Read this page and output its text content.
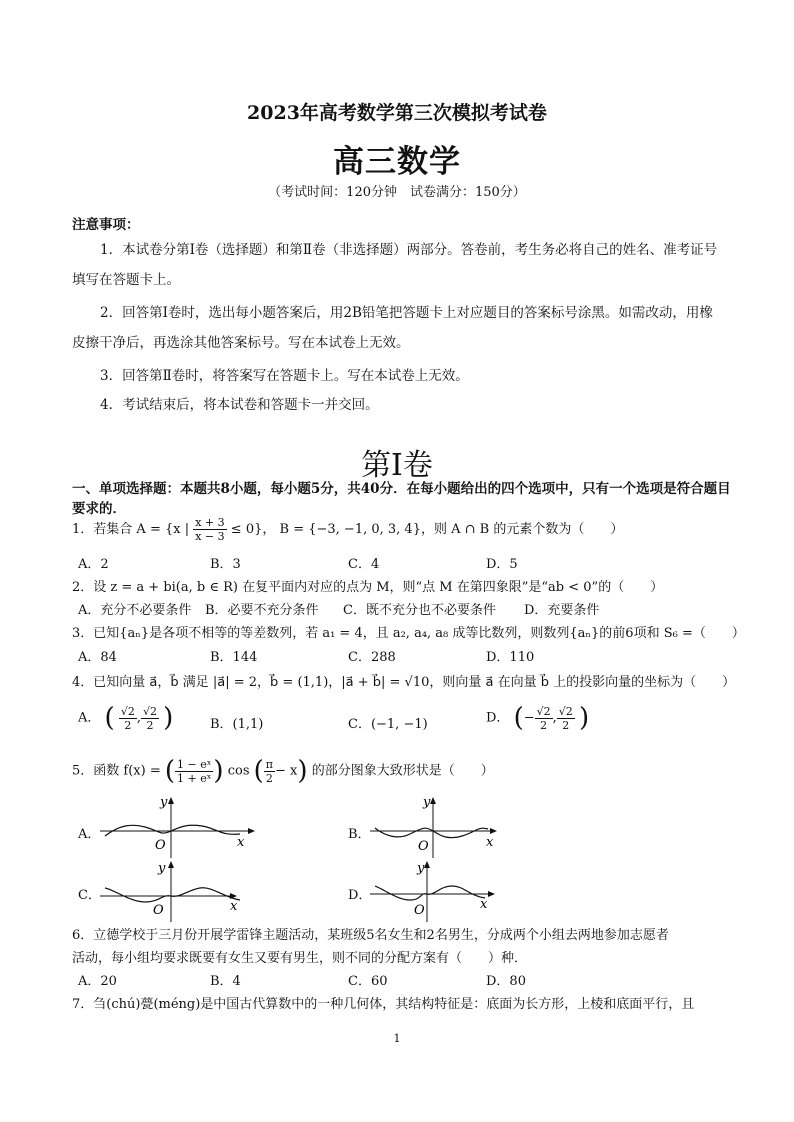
2023年高考数学第三次模拟考试卷
高三数学
（考试时间：120分钟　试卷满分：150分）
注意事项：
1．本试卷分第Ⅰ卷（选择题）和第Ⅱ卷（非选择题）两部分。答卷前，考生务必将自己的姓名、准考证号填写在答题卡上。
2．回答第Ⅰ卷时，选出每小题答案后，用2B铅笔把答题卡上对应题目的答案标号涂黑。如需改动，用橡皮擦干净后，再选涂其他答案标号。写在本试卷上无效。
3．回答第Ⅱ卷时，将答案写在答题卡上。写在本试卷上无效。
4．考试结束后，将本试卷和答题卡一并交回。
第Ⅰ卷
一、单项选择题：本题共8小题，每小题5分，共40分．在每小题给出的四个选项中，只有一个选项是符合题目要求的．
1．若集合 A = {x | $\frac{x + 3}{x - 3} \le 0$}， B = {−3, −1, 0, 3, 4}，则 A ∩ B 的元素个数为（　　）
A．2	B．3	C．4	D．5
2．设 z = a + bi(a, b ∈ R) 在复平面内对应的点为 M，则“点 M 在第四象限”是“ab < 0”的（　　）
A．充分不必要条件 B．必要不充分条件 C．既不充分也不必要条件 D．充要条件
3．已知{aₙ}是各项不相等的等差数列，若 a₁ = 4，且 a₂, a₄, a₈ 成等比数列，则数列{aₙ}的前6项和 S₆ =（　　）
A．84	B．144	C．288	D．110
4．已知向量 a⃗，b⃗ 满足 |a⃗| = 2，b⃗ = (1,1)，|a⃗ + b⃗| = √10，则向量 a⃗ 在向量 b⃗ 上的投影向量的坐标为（　　）
A． ( $\frac{√2}{2}$ , $\frac{√2}{2}$ )	B．(1,1)	C．(−1, −1)	D． (− $\frac{√2}{2}$ , $\frac{√2}{2}$ )
5．函数 f(x) = ( $\frac{\text{1 − eˣ}}{\text{1 + eˣ}}$ ) cos ( $\frac{\pi}{2} - x$) 的部分图象大致形状是（　　）
A．
y
x
O
B．
y
x
O
C．
y
x
O
D．
y
x
O
6．立德学校于三月份开展学雷锋主题活动，某班级5名女生和2名男生，分成两个小组去两地参加志愿者
活动，每小组均要求既要有女生又要有男生，则不同的分配方案有（　　）种．
A．20	B．4	C．60	D．80
7．刍(chú)甍(méng)是中国古代算数中的一种几何体，其结构特征是：底面为长方形，上棱和底面平行，且
1
